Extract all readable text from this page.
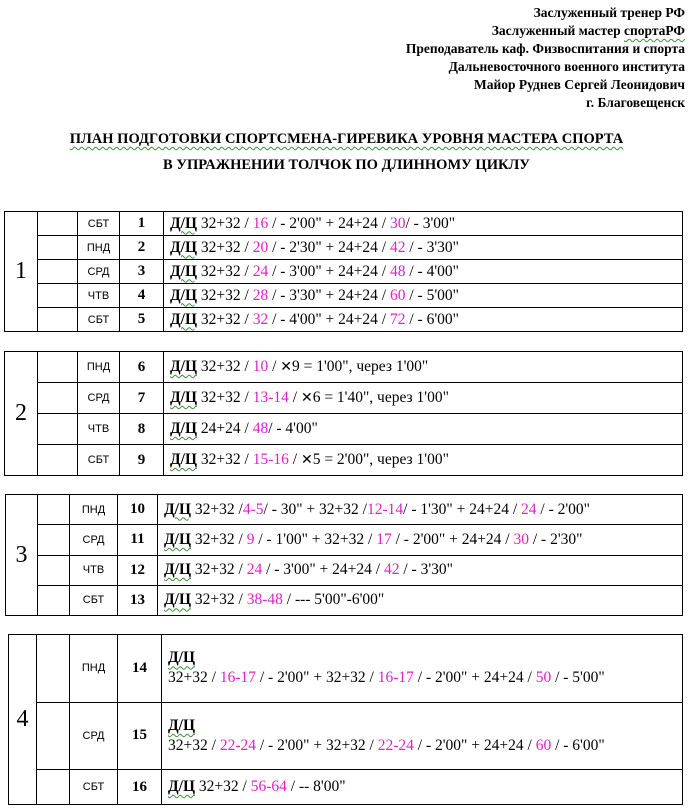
Заслуженный тренер РФ
Заслуженный мастер спортаРФ
Преподаватель каф. Физвоспитания и спорта
Дальневосточного военного института
Майор Руднев Сергей Леонидович
г. Благовещенск
ПЛАН ПОДГОТОВКИ СПОРТСМЕНА-ГИРЕВИКА УРОВНЯ МАСТЕРА СПОРТА
В УПРАЖНЕНИИ ТОЛЧОК ПО ДЛИННОМУ ЦИКЛУ
1		СБТ	1	Д/Ц 32+32 / 16 / - 2'00" + 24+24 / 30/ - 3'00"
		ПНД	2	Д/Ц 32+32 / 20 / - 2'30" + 24+24 / 42 / - 3'30"
		СРД	3	Д/Ц 32+32 / 24 / - 3'00" + 24+24 / 48 / - 4'00"
		ЧТВ	4	Д/Ц 32+32 / 28 / - 3'30" + 24+24 / 60 / - 5'00"
		СБТ	5	Д/Ц 32+32 / 32 / - 4'00" + 24+24 / 72 / - 6'00"
2		ПНД	6	Д/Ц 32+32 / 10 / ✕9 = 1'00", через 1'00"
		СРД	7	Д/Ц 32+32 / 13-14 / ✕6 = 1'40", через 1'00"
		ЧТВ	8	Д/Ц 24+24 / 48/ - 4'00"
		СБТ	9	Д/Ц 32+32 / 15-16 / ✕5 = 2'00", через 1'00"
3		ПНД	10	Д/Ц 32+32 /4-5/ - 30" + 32+32 /12-14/ - 1'30" + 24+24 / 24 / - 2'00"
		СРД	11	Д/Ц 32+32 / 9 / - 1'00" + 32+32 / 17 / - 2'00" + 24+24 / 30 / - 2'30"
		ЧТВ	12	Д/Ц 32+32 / 24 / - 3'00" + 24+24 / 42 / - 3'30"
		СБТ	13	Д/Ц 32+32 / 38-48 / --- 5'00"-6'00"
4		ПНД	14	Д/Ц
32+32 / 16-17 / - 2'00" + 32+32 / 16-17 / - 2'00" + 24+24 / 50 / - 5'00"
		СРД	15	Д/Ц
32+32 / 22-24 / - 2'00" + 32+32 / 22-24 / - 2'00" + 24+24 / 60 / - 6'00"
		СБТ	16	Д/Ц 32+32 / 56-64 / -- 8'00"
